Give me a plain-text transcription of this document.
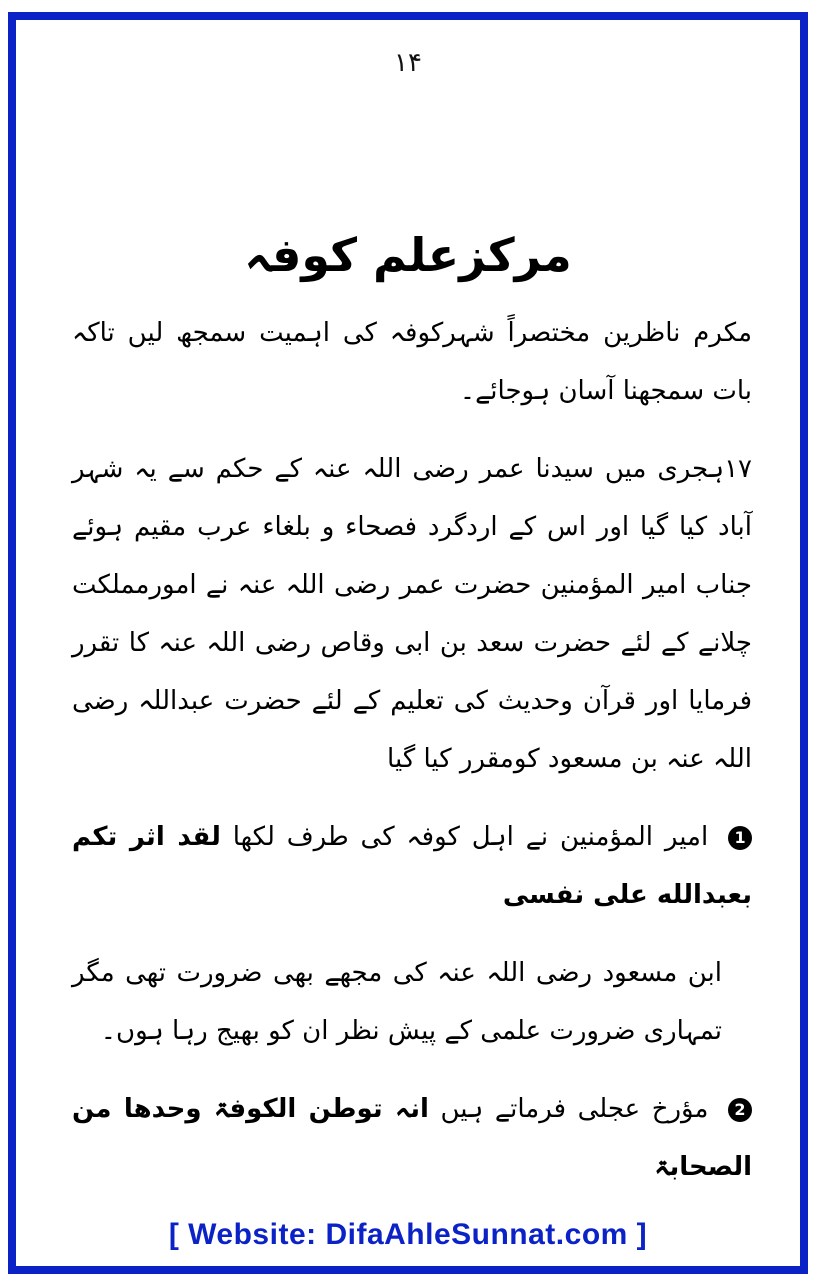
۱۴
مرکزعلم کوفہ

مکرم ناظرین مختصراً شہرکوفہ کی اہمیت سمجھ لیں تاکہ بات سمجھنا آسان ہوجائے۔

۱۷ہجری میں سیدنا عمر رضی اللہ عنہ کے حکم سے یہ شہر آباد کیا گیا اور اس کے اردگرد فصحاء و بلغاء عرب مقیم ہوئے جناب امیر المؤمنین حضرت عمر رضی اللہ عنہ نے امورمملکت چلانے کے لئے حضرت سعد بن ابی وقاص رضی اللہ عنہ کا تقرر فرمایا اور قرآن وحدیث کی تعلیم کے لئے حضرت عبداللہ رضی اللہ عنہ بن مسعود کومقرر کیا گیا

1 امیر المؤمنین نے اہل کوفہ کی طرف لکھا لقد اثر تکم بعبدالله علی نفسی

ابن مسعود رضی اللہ عنہ کی مجھے بھی ضرورت تھی مگر تمہاری ضرورت علمی کے پیش نظر ان کو بھیج رہا ہوں۔

2 مؤرخ عجلی فرماتے ہیں انہ توطن الکوفۃ وحدھا من الصحابۃ
[ Website: DifaAhleSunnat.com ]
